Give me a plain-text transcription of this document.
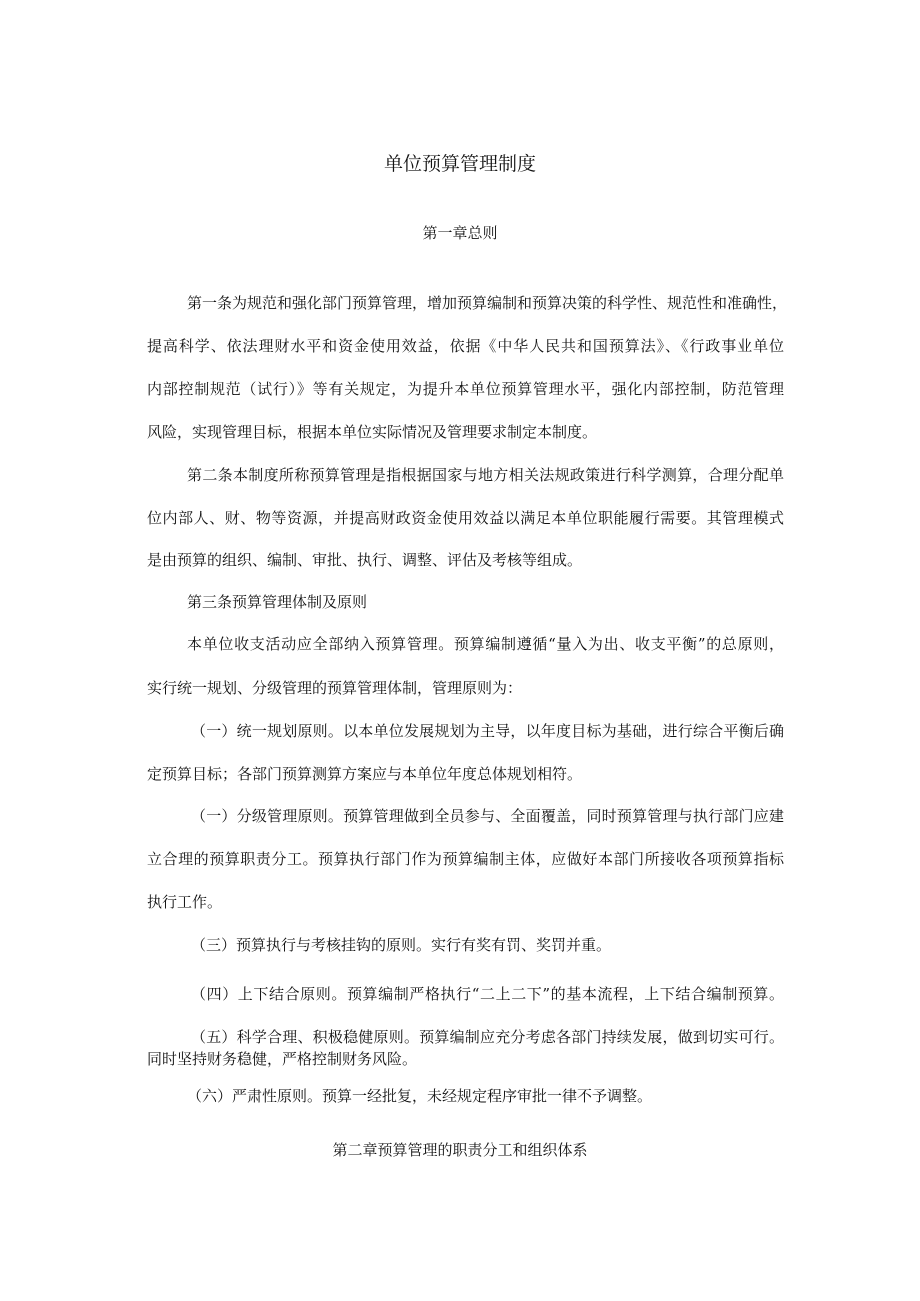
单位预算管理制度
第一章总则
第一条为规范和强化部门预算管理，增加预算编制和预算决策的科学性、规范性和准确性，
提高科学、依法理财水平和资金使用效益，依据《中华人民共和国预算法》、《行政事业单位
内部控制规范（试行）》等有关规定，为提升本单位预算管理水平，强化内部控制，防范管理
风险，实现管理目标，根据本单位实际情况及管理要求制定本制度。
第二条本制度所称预算管理是指根据国家与地方相关法规政策进行科学测算，合理分配单
位内部人、财、物等资源，并提高财政资金使用效益以满足本单位职能履行需要。其管理模式
是由预算的组织、编制、审批、执行、调整、评估及考核等组成。
第三条预算管理体制及原则
本单位收支活动应全部纳入预算管理。预算编制遵循“量入为出、收支平衡”的总原则，
实行统一规划、分级管理的预算管理体制，管理原则为：
（一）统一规划原则。以本单位发展规划为主导，以年度目标为基础，进行综合平衡后确
定预算目标；各部门预算测算方案应与本单位年度总体规划相符。
（一）分级管理原则。预算管理做到全员参与、全面覆盖，同时预算管理与执行部门应建
立合理的预算职责分工。预算执行部门作为预算编制主体，应做好本部门所接收各项预算指标
执行工作。
（三）预算执行与考核挂钩的原则。实行有奖有罚、奖罚并重。
（四）上下结合原则。预算编制严格执行“二上二下”的基本流程，上下结合编制预算。
（五）科学合理、积极稳健原则。预算编制应充分考虑各部门持续发展，做到切实可行。
同时坚持财务稳健，严格控制财务风险。
（六）严肃性原则。预算一经批复，未经规定程序审批一律不予调整。
第二章预算管理的职责分工和组织体系
